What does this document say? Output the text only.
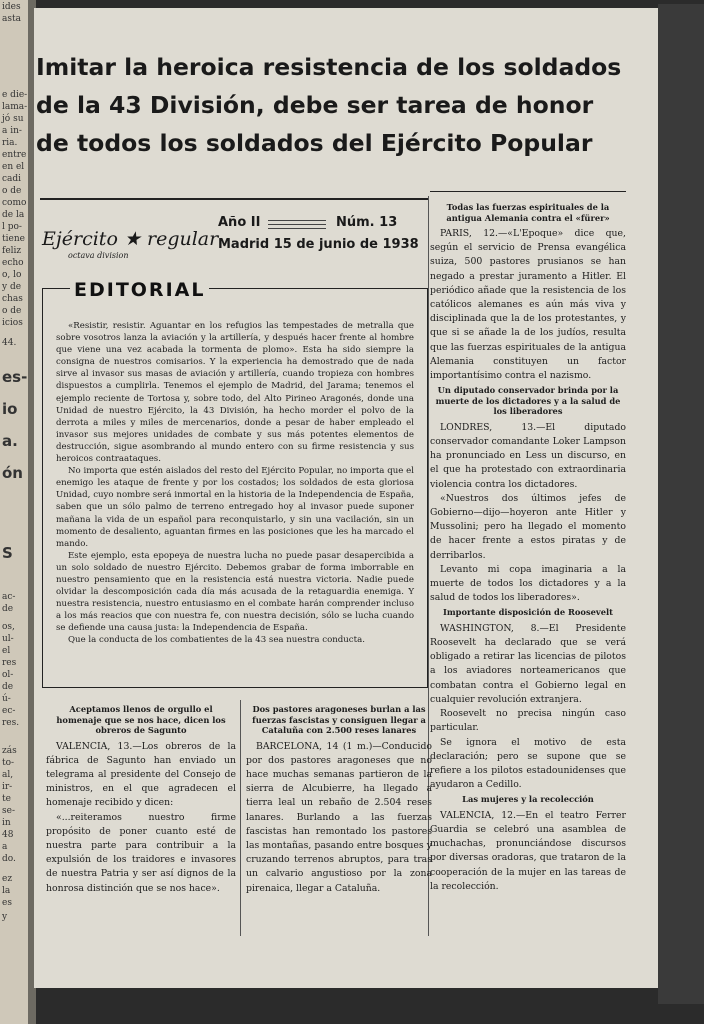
ides
asta
e die-
lama-
jó su
a in-
ria.
entre
en el
cadi
o de
como
de la
l po-
tiene
feliz
echo
o, lo
y de
chas
o de
icios
44.
es-
io
a.
ón
S
ac-
de
os,
ul-
el
res
ol-
de
ú-
ec-
res.
zás
to-
al,
ir-
te
se-
in
48
a
do.
ez
la
es
y
Imitar la heroica resistencia de los soldados
de la 43 División, debe ser tarea de honor
de todos los soldados del Ejército Popular
Ejército ★ regular
octava division
Año II	Núm. 13
Madrid 15 de junio de 1938
EDITORIAL

«Resistir, resistir. Aguantar en los refugios las tempestades de metralla que sobre vosotros lanza la aviación y la artillería, y después hacer frente al hombre que viene una vez acabada la tormenta de plomo». Esta ha sido siempre la consigna de nuestros comisarios. Y la experiencia ha demostrado que de nada sirve al invasor sus masas de aviación y artillería, cuando tropieza con hombres dispuestos a cumplirla. Tenemos el ejemplo de Madrid, del Jarama; tenemos el ejemplo reciente de Tortosa y, sobre todo, del Alto Pirineo Aragonés, donde una Unidad de nuestro Ejército, la 43 División, ha hecho morder el polvo de la derrota a miles y miles de mercenarios, donde a pesar de haber empleado el invasor sus mejores unidades de combate y sus más potentes elementos de destrucción, sigue asombrando al mundo entero con su firme resistencia y sus heroicos contraataques.

No importa que estén aislados del resto del Ejército Popular, no importa que el enemigo les ataque de frente y por los costados; los soldados de esta gloriosa Unidad, cuyo nombre será inmortal en la historia de la Independencia de España, saben que un sólo palmo de terreno entregado hoy al invasor puede suponer mañana la vida de un español para reconquistarlo, y sin una vacilación, sin un momento de desaliento, aguantan firmes en las posiciones que les ha marcado el mando.

Este ejemplo, esta epopeya de nuestra lucha no puede pasar desapercibida a un solo soldado de nuestro Ejército. Debemos grabar de forma imborrable en nuestro pensamiento que en la resistencia está nuestra victoria. Nadie puede olvidar la descomposición cada día más acusada de la retaguardia enemiga. Y nuestra resistencia, nuestro entusiasmo en el combate harán comprender incluso a los más reacios que con nuestra fe, con nuestra decisión, sólo se lucha cuando se defiende una causa justa: la Independencia de España.

Que la conducta de los combatientes de la 43 sea nuestra conducta.

Aceptamos llenos de orgullo el homenaje que se nos hace, dicen los obreros de Sagunto

VALENCIA, 13.—Los obreros de la fábrica de Sagunto han enviado un telegrama al presidente del Consejo de ministros, en el que agradecen el homenaje recibido y dicen:

«...reiteramos nuestro firme propósito de poner cuanto esté de nuestra parte para contribuir a la expulsión de los traidores e invasores de nuestra Patria y ser así dignos de la honrosa distinción que se nos hace».

Dos pastores aragoneses burlan a las fuerzas fascistas y consiguen llegar a Cataluña con 2.500 reses lanares

BARCELONA, 14 (1 m.)—Conducido por dos pastores aragoneses que no hace muchas semanas partieron de la sierra de Alcubierre, ha llegado a tierra leal un rebaño de 2.504 reses lanares. Burlando a las fuerzas fascistas han remontado los pastores las montañas, pasando entre bosques y cruzando terrenos abruptos, para tras un calvario angustioso por la zona pirenaica, llegar a Cataluña.

Todas las fuerzas espirituales de la antigua Alemania contra el «fürer»

PARIS, 12.—«L'Epoque» dice que, según el servicio de Prensa evangélica suiza, 500 pastores prusianos se han negado a prestar juramento a Hitler. El periódico añade que la resistencia de los católicos alemanes es aún más viva y disciplinada que la de los protestantes, y que si se añade la de los judíos, resulta que las fuerzas espirituales de la antigua Alemania constituyen un factor importantísimo contra el nazismo.

Un diputado conservador brinda por la muerte de los dictadores y a la salud de los liberadores

LONDRES, 13.—El diputado conservador comandante Loker Lampson ha pronunciado en Less un discurso, en el que ha protestado con extraordinaria violencia contra los dictadores.

«Nuestros dos últimos jefes de Gobierno—dijo—hoyeron ante Hitler y Mussolini; pero ha llegado el momento de hacer frente a estos piratas y de derribarlos.

Levanto mi copa imaginaria a la muerte de todos los dictadores y a la salud de todos los liberadores».

Importante disposición de Roosevelt

WASHINGTON, 8.—El Presidente Roosevelt ha declarado que se verá obligado a retirar las licencias de pilotos a los aviadores norteamericanos que combatan contra el Gobierno legal en cualquier revolución extranjera.

Roosevelt no precisa ningún caso particular.

Se ignora el motivo de esta declaración; pero se supone que se refiere a los pilotos estadounidenses que ayudaron a Cedillo.

Las mujeres y la recolección

VALENCIA, 12.—En el teatro Ferrer Guardia se celebró una asamblea de muchachas, pronunciándose discursos por diversas oradoras, que trataron de la cooperación de la mujer en las tareas de la recolección.
